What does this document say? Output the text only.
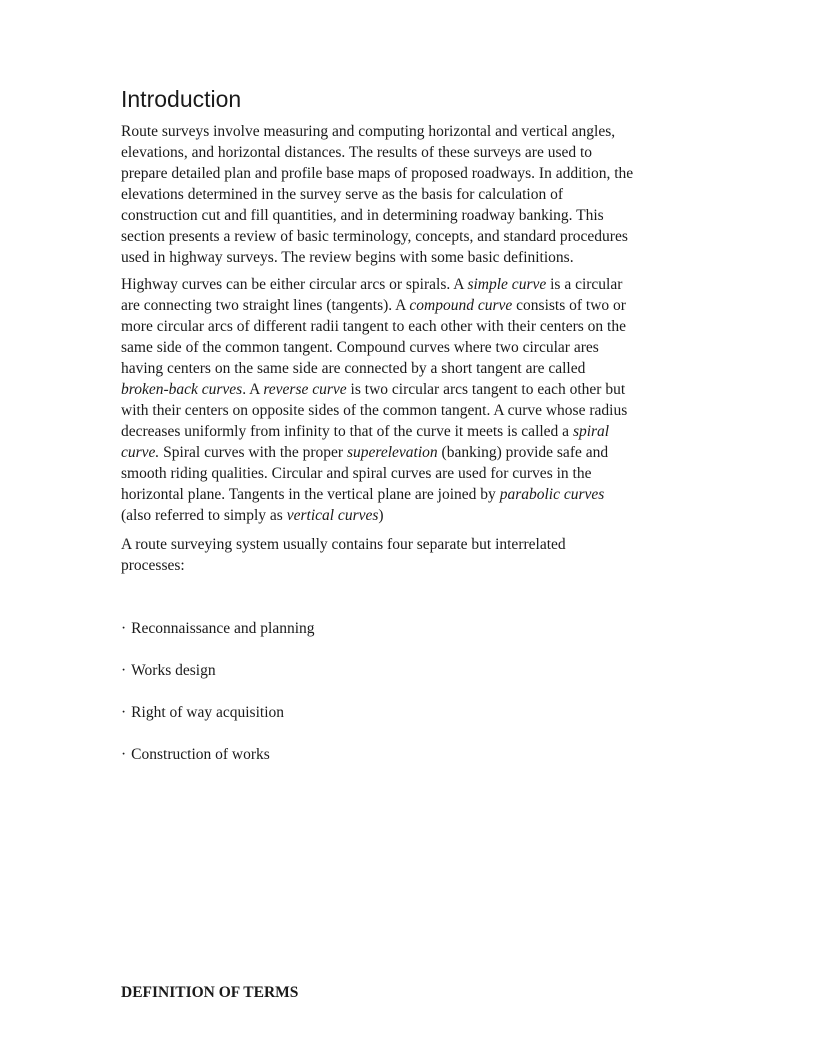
Introduction
Route surveys involve measuring and computing horizontal and vertical angles,
elevations, and horizontal distances. The results of these surveys are used to
prepare detailed plan and profile base maps of proposed roadways. In addition, the
elevations determined in the survey serve as the basis for calculation of
construction cut and fill quantities, and in determining roadway banking. This
section presents a review of basic terminology, concepts, and standard procedures
used in highway surveys. The review begins with some basic definitions.
Highway curves can be either circular arcs or spirals. A simple curve is a circular
are connecting two straight lines (tangents). A compound curve consists of two or
more circular arcs of different radii tangent to each other with their centers on the
same side of the common tangent. Compound curves where two circular ares
having centers on the same side are connected by a short tangent are called
broken-back curves. A reverse curve is two circular arcs tangent to each other but
with their centers on opposite sides of the common tangent. A curve whose radius
decreases uniformly from infinity to that of the curve it meets is called a spiral
curve. Spiral curves with the proper superelevation (banking) provide safe and
smooth riding qualities. Circular and spiral curves are used for curves in the
horizontal plane. Tangents in the vertical plane are joined by parabolic curves
(also referred to simply as vertical curves)
A route surveying system usually contains four separate but interrelated
processes:
· Reconnaissance and planning
· Works design
· Right of way acquisition
· Construction of works
DEFINITION OF TERMS
